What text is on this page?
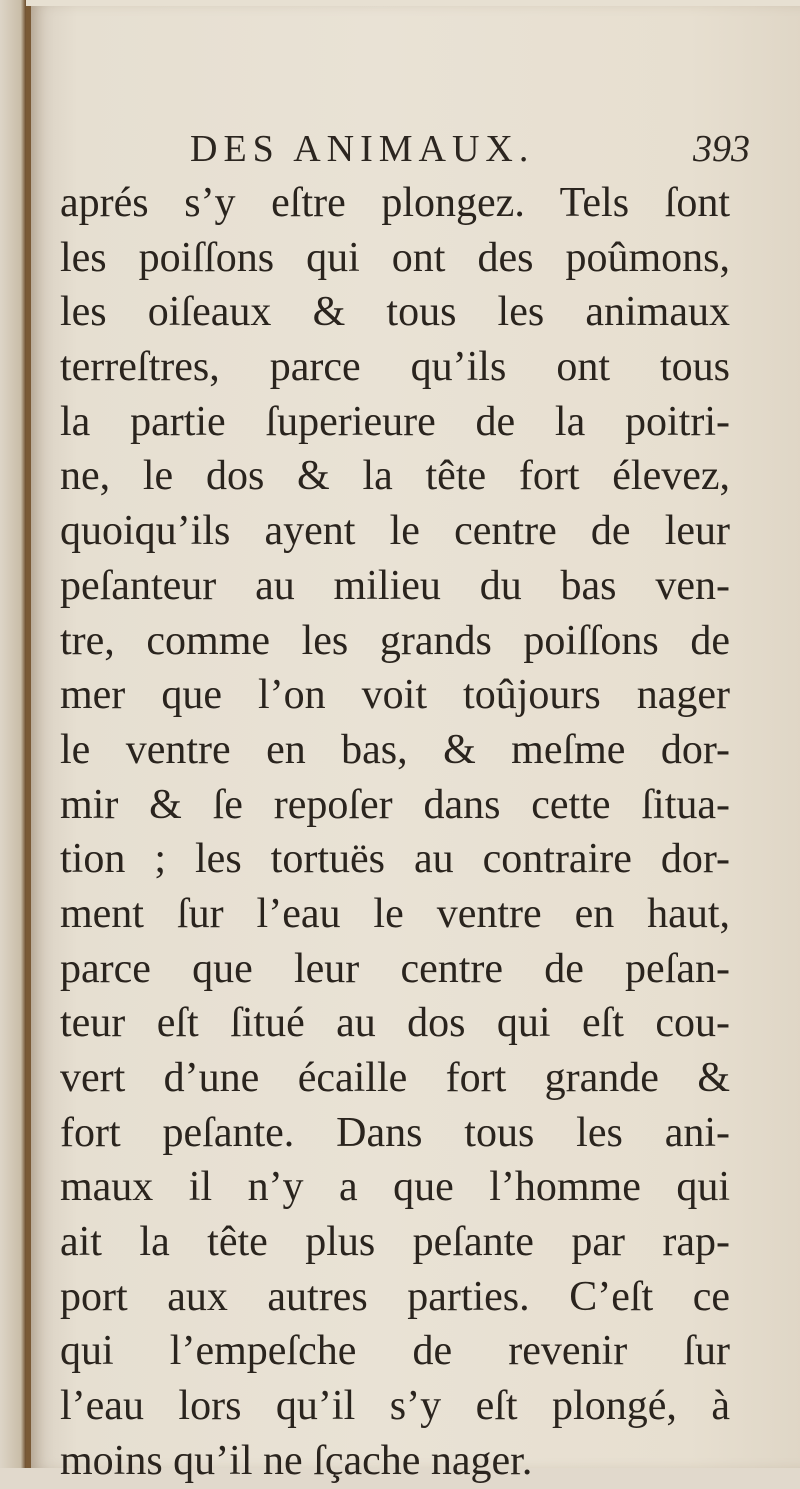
DES ANIMAUX.	393
aprés s’y eſtre plongez. Tels ſont
les poiſſons qui ont des poûmons,
les oiſeaux & tous les animaux
terreſtres, parce qu’ils ont tous
la partie ſuperieure de la poitri-
ne, le dos & la tête fort élevez,
quoiqu’ils ayent le centre de leur
peſanteur au milieu du bas ven-
tre, comme les grands poiſſons de
mer que l’on voit toûjours nager
le ventre en bas, & meſme dor-
mir & ſe repoſer dans cette ſitua-
tion ; les tortuës au contraire dor-
ment ſur l’eau le ventre en haut,
parce que leur centre de peſan-
teur eſt ſitué au dos qui eſt cou-
vert d’une écaille fort grande &
fort peſante. Dans tous les ani-
maux il n’y a que l’homme qui
ait la tête plus peſante par rap-
port aux autres parties. C’eſt ce
qui l’empeſche de revenir ſur
l’eau lors qu’il s’y eſt plongé, à
moins qu’il ne ſçache nager.
